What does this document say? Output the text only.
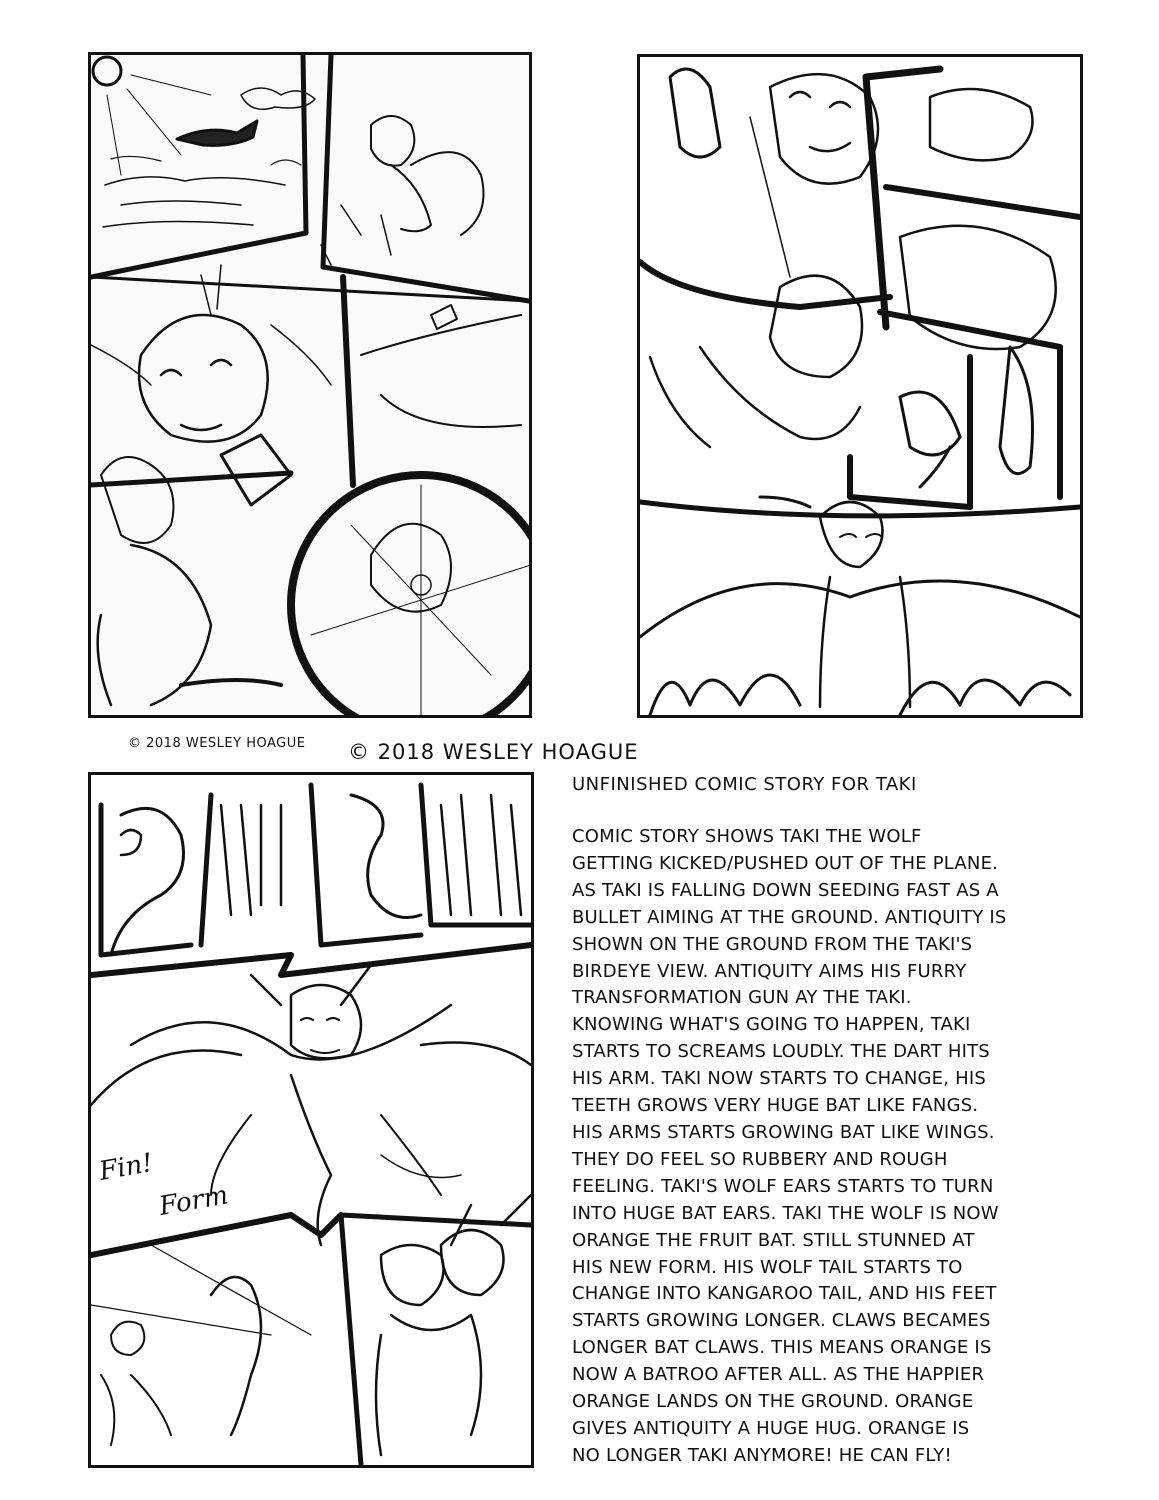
Fin!
Form
© 2018 WESLEY HOAGUE © 2018 WESLEY HOAGUE
UNFINISHED COMIC STORY FOR TAKI
COMIC STORY SHOWS TAKI THE WOLF
GETTING KICKED/PUSHED OUT OF THE PLANE.
AS TAKI IS FALLING DOWN SEEDING FAST AS A
BULLET AIMING AT THE GROUND. ANTIQUITY IS
SHOWN ON THE GROUND FROM THE TAKI'S
BIRDEYE VIEW. ANTIQUITY AIMS HIS FURRY
TRANSFORMATION GUN AY THE TAKI.
KNOWING WHAT'S GOING TO HAPPEN, TAKI
STARTS TO SCREAMS LOUDLY. THE DART HITS
HIS ARM. TAKI NOW STARTS TO CHANGE, HIS
TEETH GROWS VERY HUGE BAT LIKE FANGS.
HIS ARMS STARTS GROWING BAT LIKE WINGS.
THEY DO FEEL SO RUBBERY AND ROUGH
FEELING. TAKI'S WOLF EARS STARTS TO TURN
INTO HUGE BAT EARS. TAKI THE WOLF IS NOW
ORANGE THE FRUIT BAT. STILL STUNNED AT
HIS NEW FORM. HIS WOLF TAIL STARTS TO
CHANGE INTO KANGAROO TAIL, AND HIS FEET
STARTS GROWING LONGER. CLAWS BECAMES
LONGER BAT CLAWS. THIS MEANS ORANGE IS
NOW A BATROO AFTER ALL. AS THE HAPPIER
ORANGE LANDS ON THE GROUND. ORANGE
GIVES ANTIQUITY A HUGE HUG. ORANGE IS
NO LONGER TAKI ANYMORE! HE CAN FLY!
